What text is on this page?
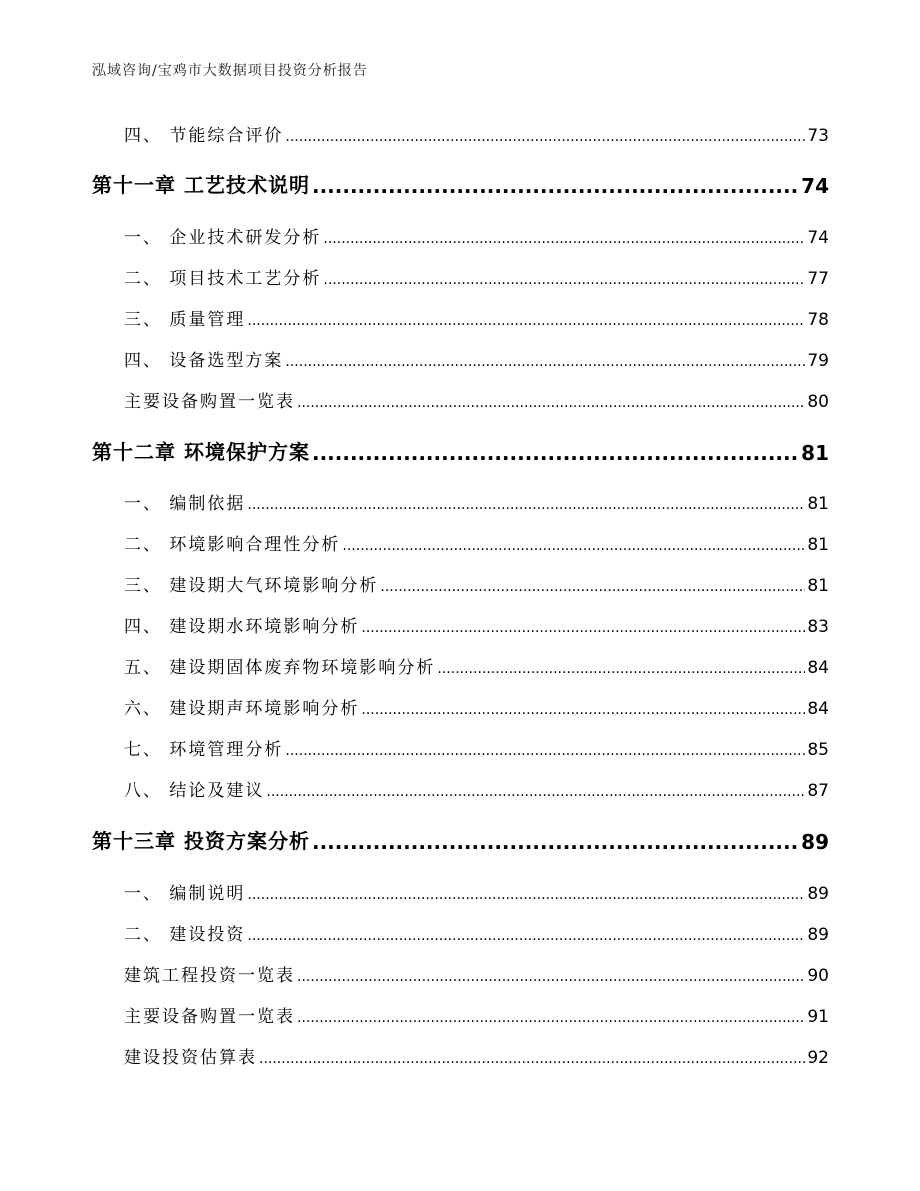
泓域咨询/宝鸡市大数据项目投资分析报告
四、 节能综合评价 .....	73
第十一章 工艺技术说明 .....	74
一、 企业技术研发分析 .....	74
二、 项目技术工艺分析 .....	77
三、 质量管理 .....	78
四、 设备选型方案 .....	79
主要设备购置一览表 .....	80
第十二章 环境保护方案 .....	81
一、 编制依据 .....	81
二、 环境影响合理性分析 .....	81
三、 建设期大气环境影响分析 .....	81
四、 建设期水环境影响分析 .....	83
五、 建设期固体废弃物环境影响分析 .....	84
六、 建设期声环境影响分析 .....	84
七、 环境管理分析 .....	85
八、 结论及建议 .....	87
第十三章 投资方案分析 .....	89
一、 编制说明 .....	89
二、 建设投资 .....	89
建筑工程投资一览表 .....	90
主要设备购置一览表 .....	91
建设投资估算表 .....	92
